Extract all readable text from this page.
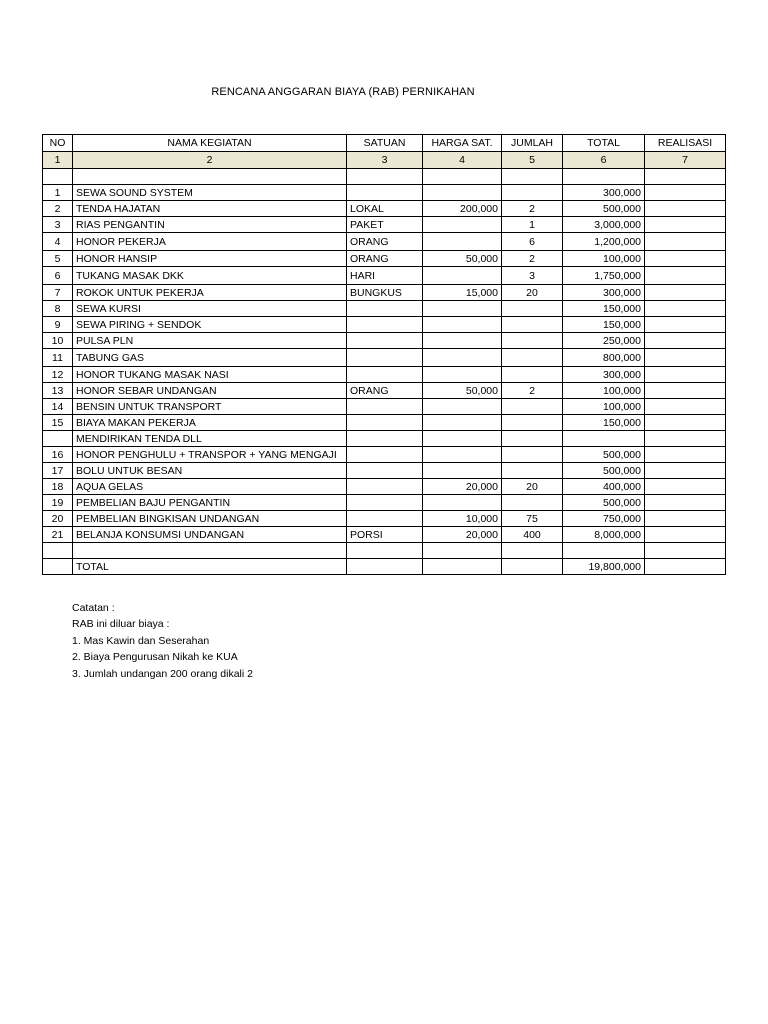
RENCANA ANGGARAN BIAYA (RAB) PERNIKAHAN
NO	NAMA KEGIATAN	SATUAN	HARGA SAT.	JUMLAH	TOTAL	REALISASI
1	2	3	4	5	6	7

1	SEWA SOUND SYSTEM				300,000	
2	TENDA HAJATAN	LOKAL	200,000	2	500,000	
3	RIAS PENGANTIN	PAKET		1	3,000,000	
4	HONOR PEKERJA	ORANG		6	1,200,000	
5	HONOR HANSIP	ORANG	50,000	2	100,000	
6	TUKANG MASAK DKK	HARI		3	1,750,000	
7	ROKOK UNTUK PEKERJA	BUNGKUS	15,000	20	300,000	
8	SEWA KURSI				150,000	
9	SEWA PIRING + SENDOK				150,000	
10	PULSA PLN				250,000	
11	TABUNG GAS				800,000	
12	HONOR TUKANG MASAK NASI				300,000	
13	HONOR SEBAR UNDANGAN	ORANG	50,000	2	100,000	
14	BENSIN UNTUK TRANSPORT				100,000	
15	BIAYA MAKAN PEKERJA				150,000	
	MENDIRIKAN TENDA DLL					
16	HONOR PENGHULU + TRANSPOR + YANG MENGAJI				500,000	
17	BOLU UNTUK BESAN				500,000	
18	AQUA GELAS		20,000	20	400,000	
19	PEMBELIAN BAJU PENGANTIN				500,000	
20	PEMBELIAN BINGKISAN UNDANGAN		10,000	75	750,000	
21	BELANJA KONSUMSI UNDANGAN	PORSI	20,000	400	8,000,000	

	TOTAL				19,800,000	
Catatan :
RAB ini diluar biaya :
1. Mas Kawin dan Seserahan
2. Biaya Pengurusan Nikah ke KUA
3. Jumlah undangan 200 orang dikali 2
